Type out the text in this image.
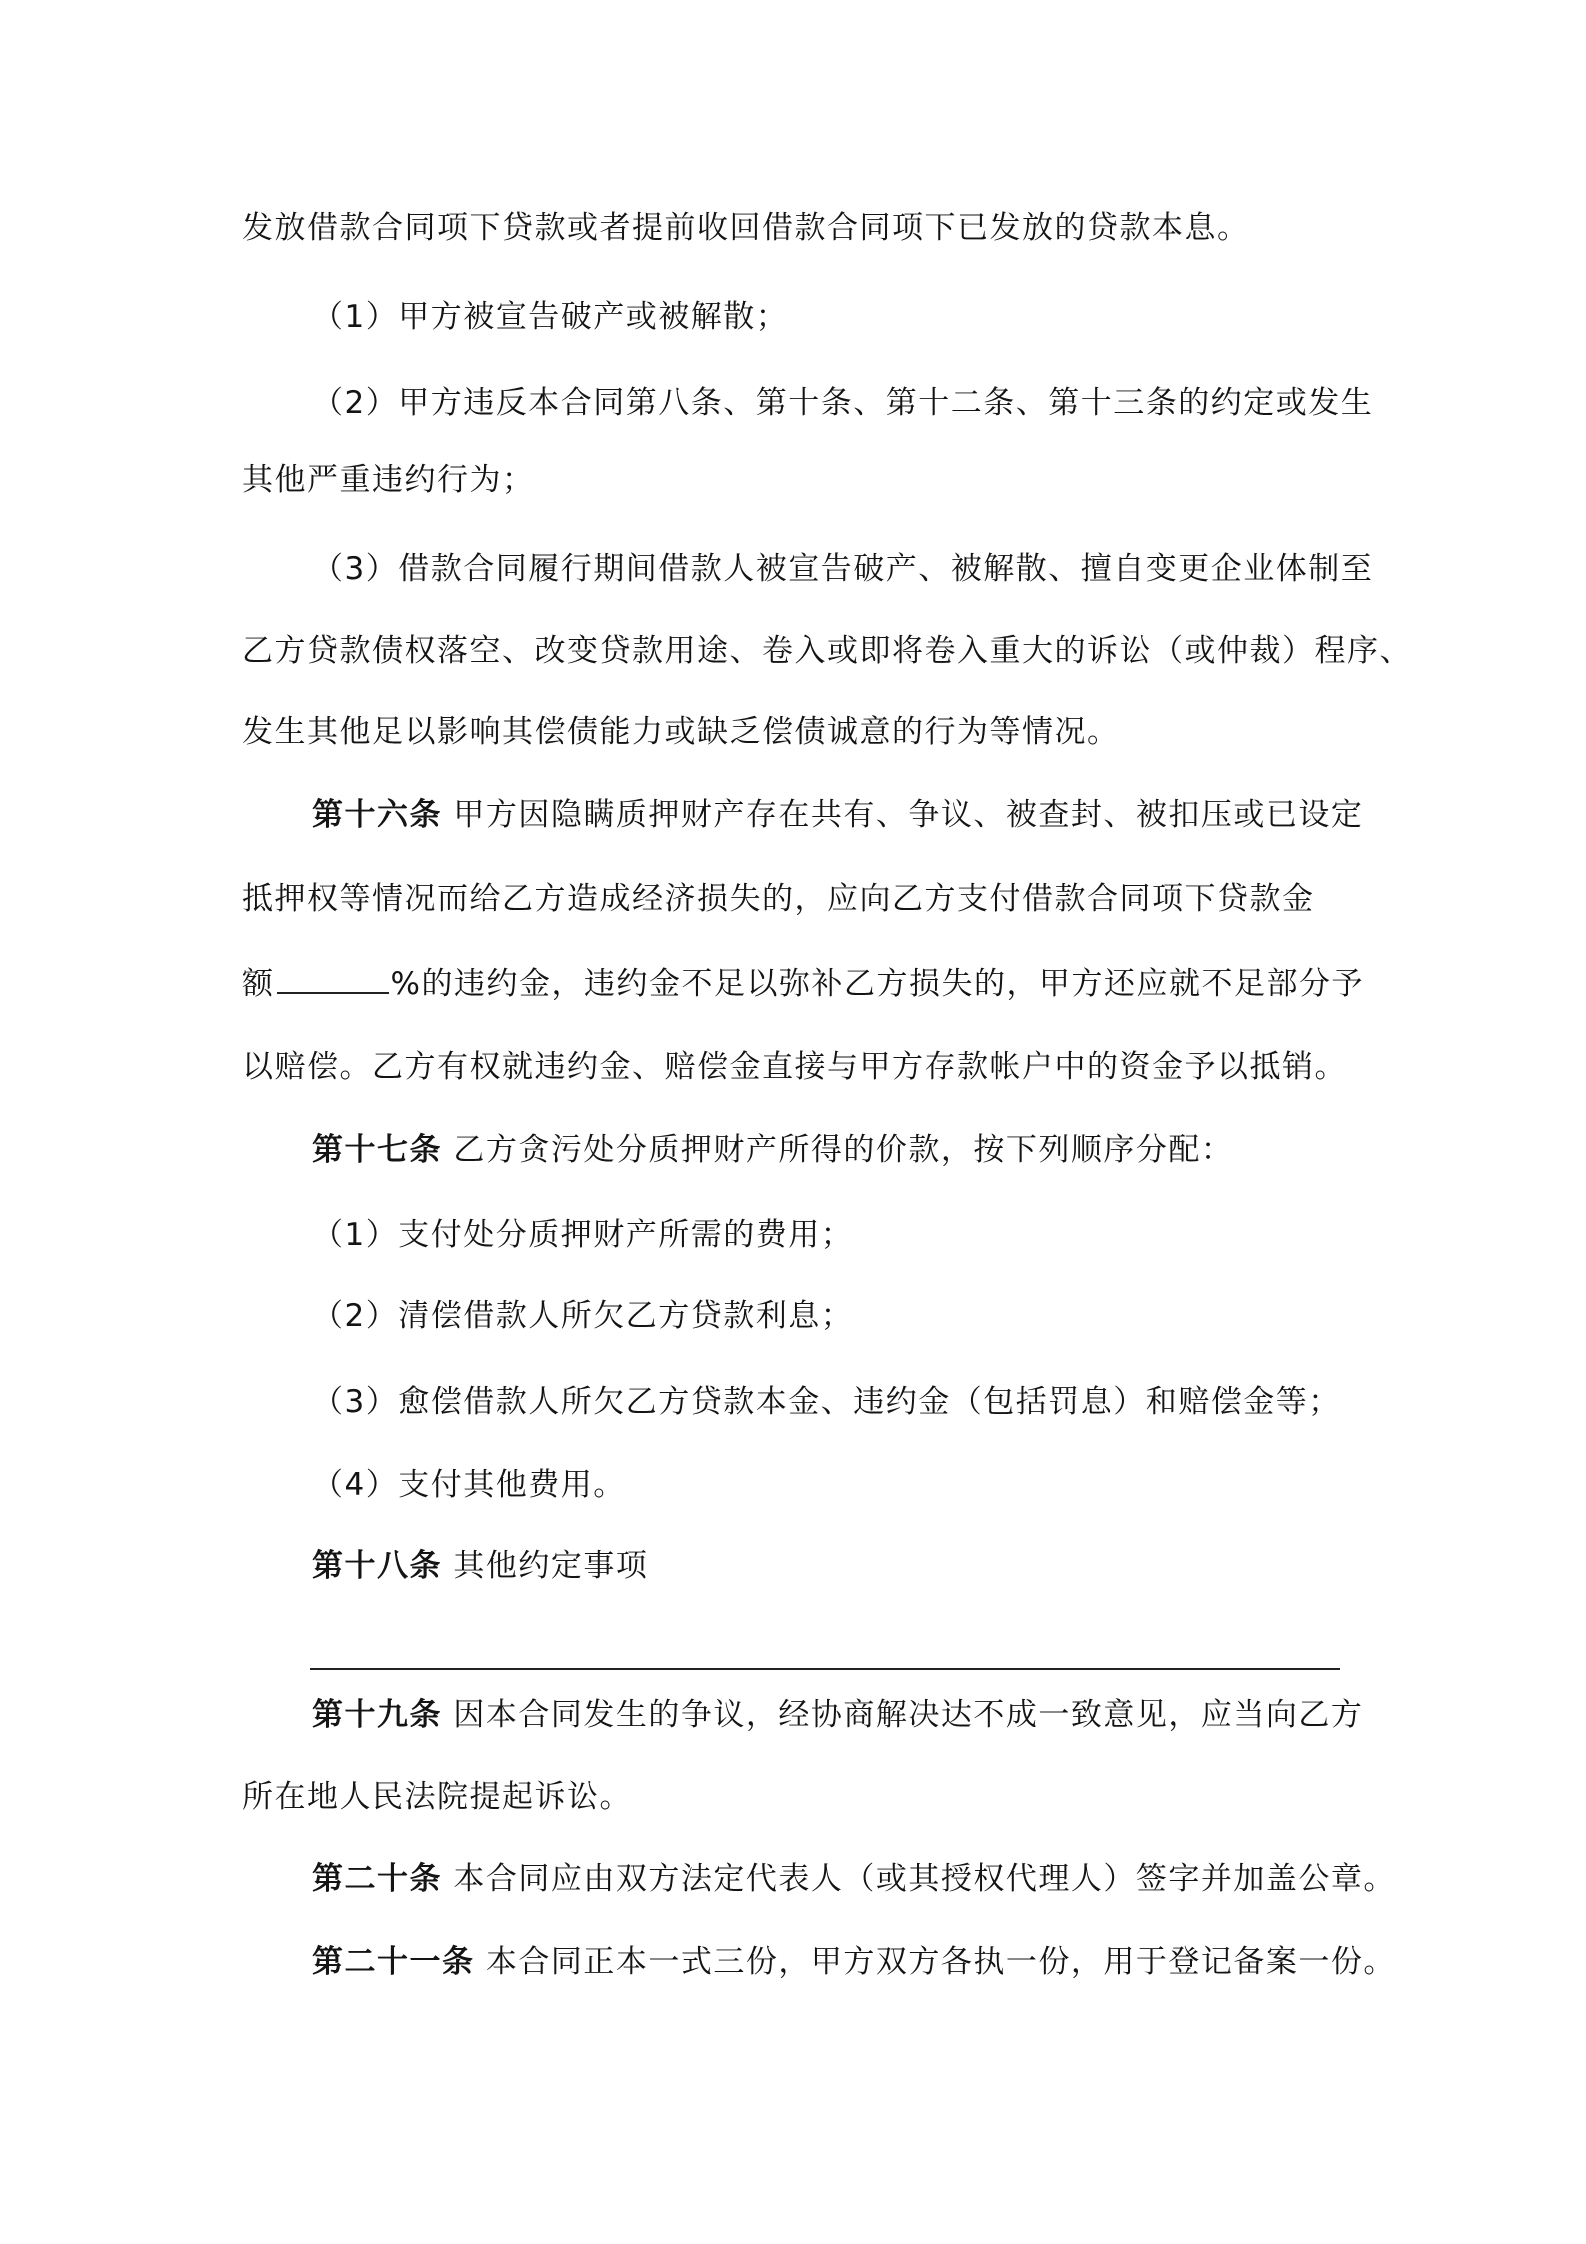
发放借款合同项下贷款或者提前收回借款合同项下已发放的贷款本息。
（1）甲方被宣告破产或被解散；
（2）甲方违反本合同第八条、第十条、第十二条、第十三条的约定或发生
其他严重违约行为；
（3）借款合同履行期间借款人被宣告破产、被解散、擅自变更企业体制至
乙方贷款债权落空、改变贷款用途、卷入或即将卷入重大的诉讼（或仲裁）程序、
发生其他足以影响其偿债能力或缺乏偿债诚意的行为等情况。
第十六条 甲方因隐瞒质押财产存在共有、争议、被查封、被扣压或已设定
抵押权等情况而给乙方造成经济损失的，应向乙方支付借款合同项下贷款金
额	%的违约金，违约金不足以弥补乙方损失的，甲方还应就不足部分予
以赔偿。乙方有权就违约金、赔偿金直接与甲方存款帐户中的资金予以抵销。
第十七条 乙方贪污处分质押财产所得的价款，按下列顺序分配：
（1）支付处分质押财产所需的费用；
（2）清偿借款人所欠乙方贷款利息；
（3）愈偿借款人所欠乙方贷款本金、违约金（包括罚息）和赔偿金等；
（4）支付其他费用。
第十八条 其他约定事项
第十九条 因本合同发生的争议，经协商解决达不成一致意见，应当向乙方
所在地人民法院提起诉讼。
第二十条 本合同应由双方法定代表人（或其授权代理人）签字并加盖公章。
第二十一条 本合同正本一式三份，甲方双方各执一份，用于登记备案一份。
